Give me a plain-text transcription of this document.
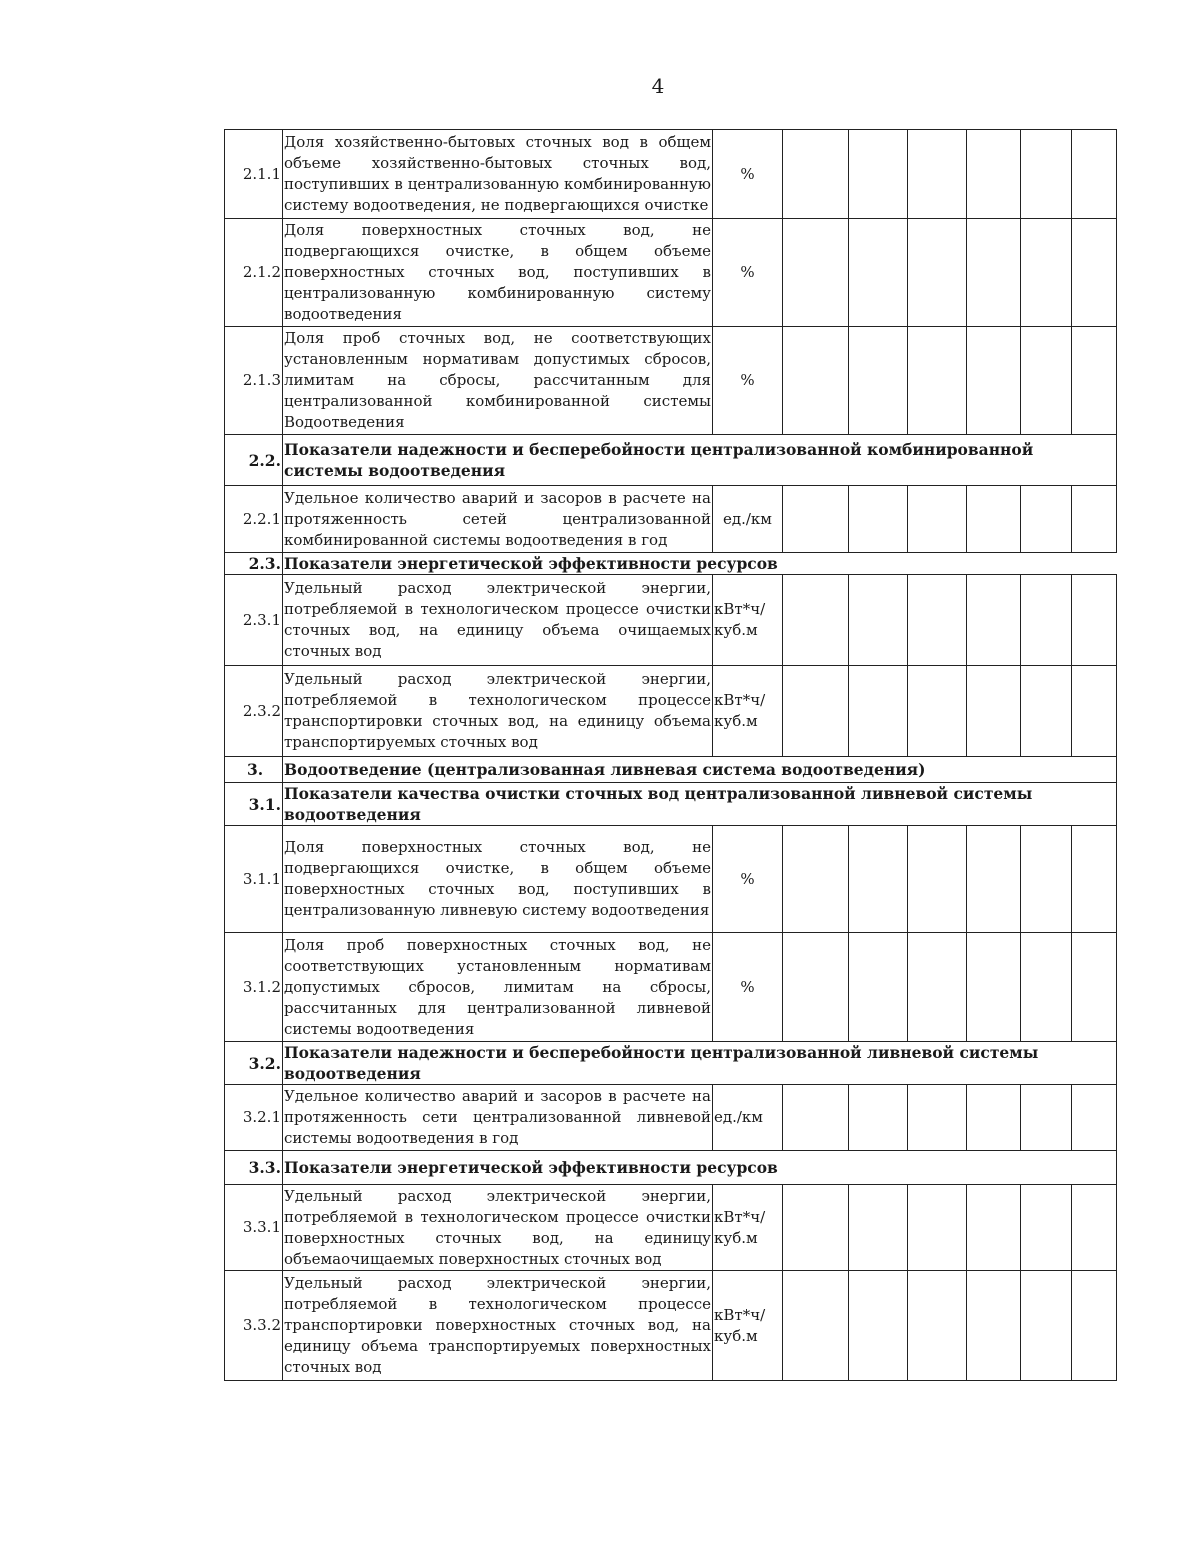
4
2.1.1	Доля хозяйственно-бытовых сточных вод в общем объеме хозяйственно-бытовых сточных вод, поступивших в централизованную комбинированную систему водоотведения, не подвергающихся очистке	%						
2.1.2	Доля поверхностных сточных вод, не подвергающихся очистке, в общем объеме поверхностных сточных вод, поступивших в централизованную комбинированную систему водоотведения	%						
2.1.3	Доля проб сточных вод, не соответствующих установленным нормативам допустимых сбросов, лимитам на сбросы, рассчитанным для централизованной комбинированной системы Водоотведения	%						
2.2.	Показатели надежности и бесперебойности централизованной комбинированной системы водоотведения							
2.2.1	Удельное количество аварий и засоров в расчете на протяженность сетей централизованной комбинированной системы водоотведения в год	ед./км						
2.3.	Показатели энергетической эффективности ресурсов							
2.3.1	Удельный расход электрической энергии, потребляемой в технологическом процессе очистки сточных вод, на единицу объема очищаемых сточных вод	кВт*ч/ куб.м						
2.3.2	Удельный расход электрической энергии, потребляемой в технологическом процессе транспортировки сточных вод, на единицу объема транспортируемых сточных вод	кВт*ч/ куб.м						
3.	Водоотведение (централизованная ливневая система водоотведения)							
3.1.	Показатели качества очистки сточных вод централизованной ливневой системы водоотведения							
3.1.1	Доля поверхностных сточных вод, не подвергающихся очистке, в общем объеме поверхностных сточных вод, поступивших в централизованную ливневую систему водоотведения	%						
3.1.2	Доля проб поверхностных сточных вод, не соответствующих установленным нормативам допустимых сбросов, лимитам на сбросы, рассчитанных для централизованной ливневой системы водоотведения	%						
3.2.	Показатели надежности и бесперебойности централизованной ливневой системы водоотведения							
3.2.1	Удельное количество аварий и засоров в расчете на протяженность сети централизованной ливневой системы водоотведения в год	ед./км						
3.3.	Показатели энергетической эффективности ресурсов							
3.3.1	Удельный расход электрической энергии, потребляемой в технологическом процессе очистки поверхностных сточных вод, на единицу объемаочищаемых поверхностных сточных вод	кВт*ч/ куб.м						
3.3.2	Удельный расход электрической энергии, потребляемой в технологическом процессе транспортировки поверхностных сточных вод, на единицу объема транспортируемых поверхностных сточных вод	кВт*ч/ куб.м						
